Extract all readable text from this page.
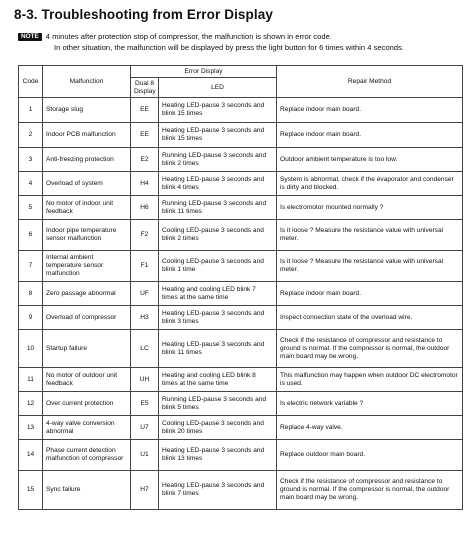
8-3. Troubleshooting from Error Display
NOTE 4 minutes after protection stop of compressor, the malfunction is shown in error code.
In other situation, the malfunction will be displayed by press the light button for 6 times within 4 seconds.
Code	Malfunction	Error Display		Repair Method
		Dual 8 Display	LED	
1	Storage slug	EE	Heating LED-pause 3 seconds and blink 15 times	Replace indoor main board.
2	Indoor PCB malfunction	EE	Heating LED-pause 3 seconds and blink 15 times	Replace indoor main board.
3	Anti-freezing protection	E2	Running LED-pause 3 seconds and blink 2 times	Outdoor ambient temperature is too low.
4	Overload of system	H4	Heating LED-pause 3 seconds and blink 4 times	System is abnormal, check if the evaporator and condenser is dirty and blocked.
5	No motor of indoor unit feedback	H6	Running LED-pause 3 seconds and blink 11 times	Is electromotor mounted normally ?
6	Indoor pipe temperature sensor malfunction	F2	Cooling LED-pause 3 seconds and blink 2 times	Is it loose ? Measure the resistance value with universal meter.
7	Internal ambient temperature sensor malfunction	F1	Cooling LED-pause 3 seconds and blink 1 time	Is it loose ? Measure the resistance value with universal meter.
8	Zero passage abnormal	UF	Heating and cooling LED blink 7 times at the same time	Replace indoor main board.
9	Overload of compressor	H3	Heating LED-pause 3 seconds and blink 3 times	Inspect connection state of the overload wire.
10	Startup failure	LC	Heating LED-pause 3 seconds and blink 11 times	Check if the resistance of compressor and resistance to ground is normal. If the compressor is normal, the outdoor main board may be wrong.
11	No motor of outdoor unit feedback	UH	Heating and cooling LED blink 8 times at the same time	This malfunction may happen when outdoor DC electromotor is used.
12	Over current protection	E5	Running LED-pause 3 seconds and blink 5 times	Is electric network variable ?
13	4-way valve conversion abnormal	U7	Cooling LED-pause 3 seconds and blink 20 times	Replace 4-way valve.
14	Phase current detection malfunction of compressor	U1	Heating LED-pause 3 seconds and blink 13 times	Replace outdoor main board.
15	Sync failure	H7	Heating LED-pause 3 seconds and blink 7 times	Check if the resistance of compressor and resistance to ground is normal. If the compressor is normal, the outdoor main board may be wrong.
